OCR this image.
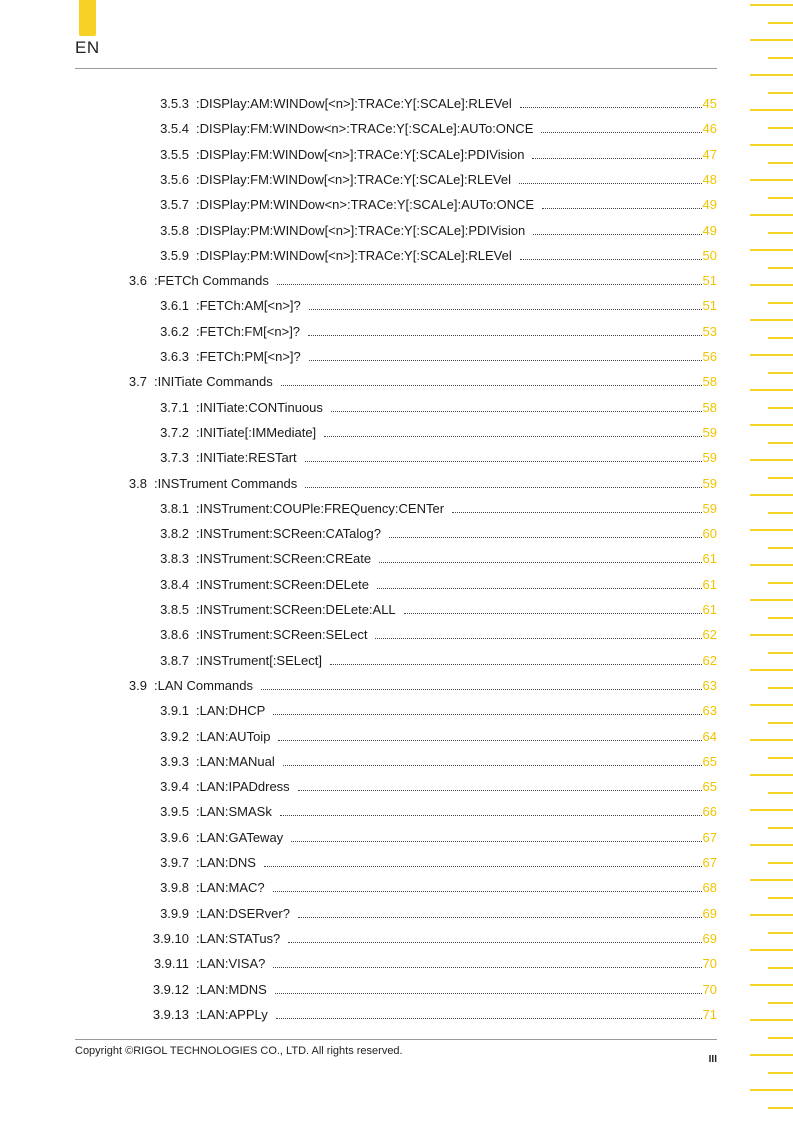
EN
3.5.3 :DISPlay:AM:WINDow[<n>]:TRACe:Y[:SCALe]:RLEVel	45
3.5.4 :DISPlay:FM:WINDow<n>:TRACe:Y[:SCALe]:AUTo:ONCE	46
3.5.5 :DISPlay:FM:WINDow[<n>]:TRACe:Y[:SCALe]:PDIVision	47
3.5.6 :DISPlay:FM:WINDow[<n>]:TRACe:Y[:SCALe]:RLEVel	48
3.5.7 :DISPlay:PM:WINDow<n>:TRACe:Y[:SCALe]:AUTo:ONCE	49
3.5.8 :DISPlay:PM:WINDow[<n>]:TRACe:Y[:SCALe]:PDIVision	49
3.5.9 :DISPlay:PM:WINDow[<n>]:TRACe:Y[:SCALe]:RLEVel	50
3.6 :FETCh Commands	51
3.6.1 :FETCh:AM[<n>]?	51
3.6.2 :FETCh:FM[<n>]?	53
3.6.3 :FETCh:PM[<n>]?	56
3.7 :INITiate Commands	58
3.7.1 :INITiate:CONTinuous	58
3.7.2 :INITiate[:IMMediate]	59
3.7.3 :INITiate:RESTart	59
3.8 :INSTrument Commands	59
3.8.1 :INSTrument:COUPle:FREQuency:CENTer	59
3.8.2 :INSTrument:SCReen:CATalog?	60
3.8.3 :INSTrument:SCReen:CREate	61
3.8.4 :INSTrument:SCReen:DELete	61
3.8.5 :INSTrument:SCReen:DELete:ALL	61
3.8.6 :INSTrument:SCReen:SELect	62
3.8.7 :INSTrument[:SELect]	62
3.9 :LAN Commands	63
3.9.1 :LAN:DHCP	63
3.9.2 :LAN:AUToip	64
3.9.3 :LAN:MANual	65
3.9.4 :LAN:IPADdress	65
3.9.5 :LAN:SMASk	66
3.9.6 :LAN:GATeway	67
3.9.7 :LAN:DNS	67
3.9.8 :LAN:MAC?	68
3.9.9 :LAN:DSERver?	69
3.9.10 :LAN:STATus?	69
3.9.11 :LAN:VISA?	70
3.9.12 :LAN:MDNS	70
3.9.13 :LAN:APPLy	71
Copyright ©RIGOL TECHNOLOGIES CO., LTD. All rights reserved.
III
